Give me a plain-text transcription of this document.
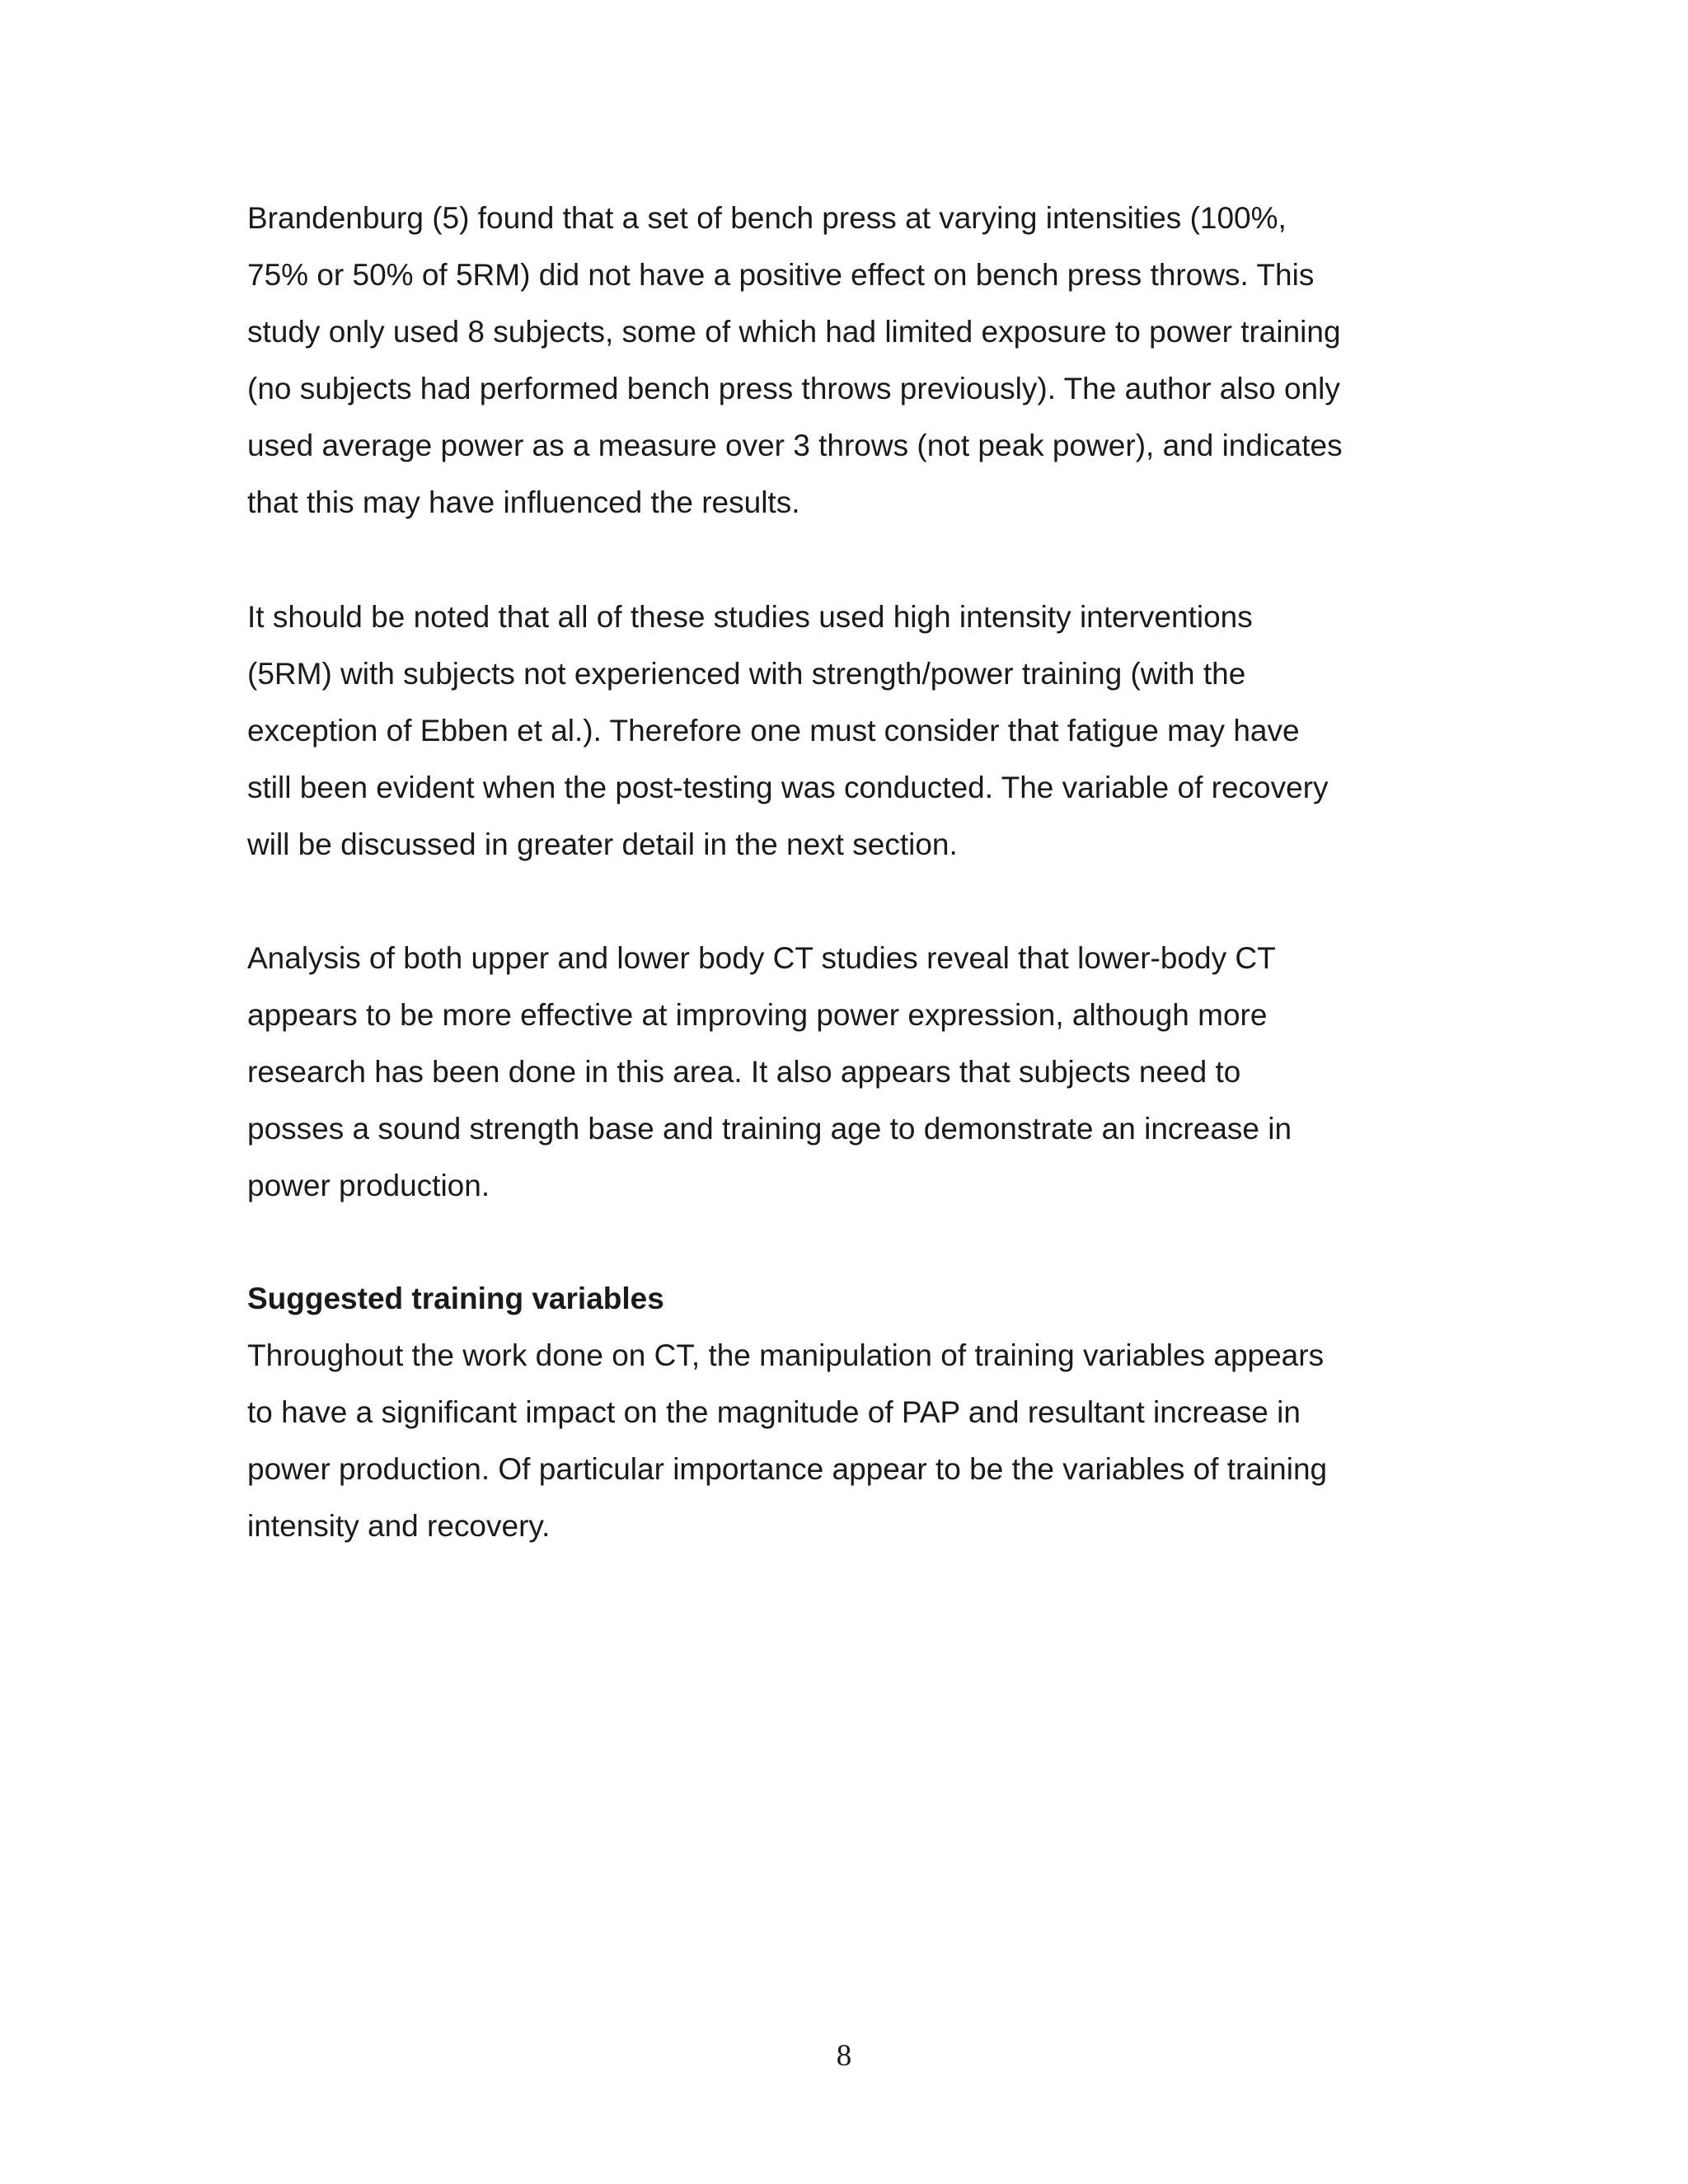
Brandenburg (5) found that a set of bench press at varying intensities (100%,
75% or 50% of 5RM) did not have a positive effect on bench press throws. This
study only used 8 subjects, some of which had limited exposure to power training
(no subjects had performed bench press throws previously). The author also only
used average power as a measure over 3 throws (not peak power), and indicates
that this may have influenced the results.
It should be noted that all of these studies used high intensity interventions
(5RM) with subjects not experienced with strength/power training (with the
exception of Ebben et al.). Therefore one must consider that fatigue may have
still been evident when the post-testing was conducted. The variable of recovery
will be discussed in greater detail in the next section.
Analysis of both upper and lower body CT studies reveal that lower-body CT
appears to be more effective at improving power expression, although more
research has been done in this area. It also appears that subjects need to
posses a sound strength base and training age to demonstrate an increase in
power production.
Suggested training variables
Throughout the work done on CT, the manipulation of training variables appears
to have a significant impact on the magnitude of PAP and resultant increase in
power production. Of particular importance appear to be the variables of training
intensity and recovery.
8
